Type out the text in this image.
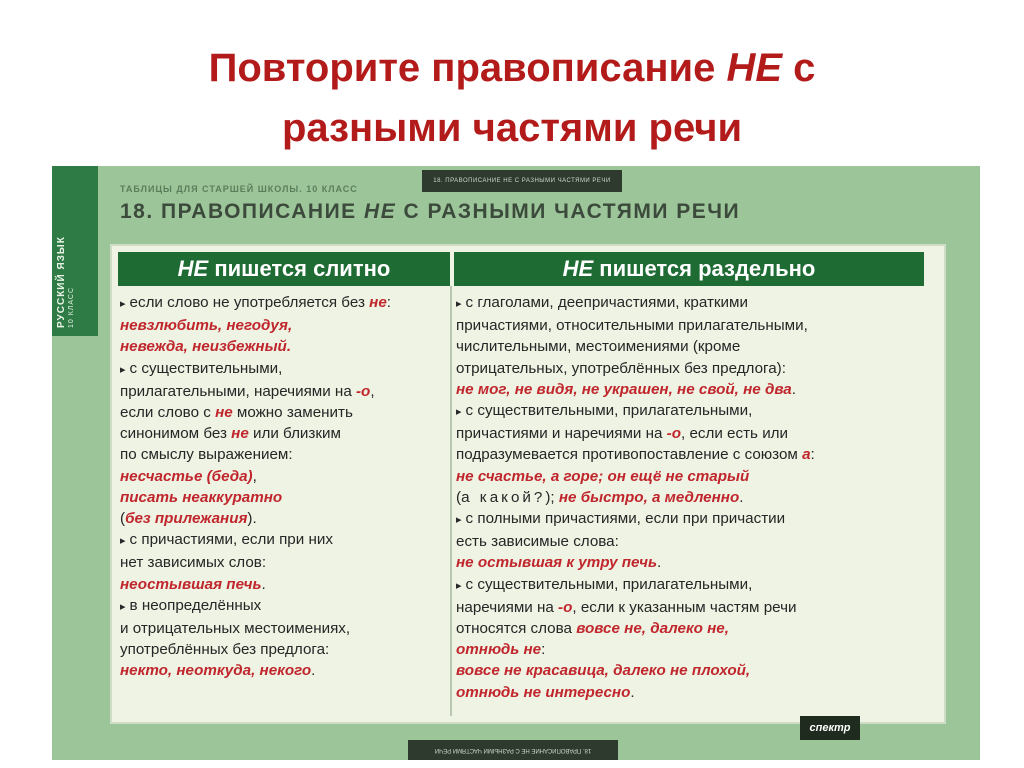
Повторите правописание НЕ с
разными частями речи
РУССКИЙ ЯЗЫК 10 КЛАСС
ТАБЛИЦЫ ДЛЯ СТАРШЕЙ ШКОЛЫ. 10 КЛАСС
18. ПРАВОПИСАНИЕ НЕ С РАЗНЫМИ ЧАСТЯМИ РЕЧИ
18. ПРАВОПИСАНИЕ НЕ С РАЗНЫМИ ЧАСТЯМИ РЕЧИ
НЕ пишется слитно	НЕ пишется раздельно
▸ если слово не употребляется без не:
невзлюбить, негодуя,
невежда, неизбежный.
▸ с существительными,
прилагательными, наречиями на -о,
если слово с не можно заменить
синонимом без не или близким
по смыслу выражением:
несчастье (беда),
писать неаккуратно
(без прилежания).
▸ с причастиями, если при них
нет зависимых слов:
неостывшая печь.
▸ в неопределённых
и отрицательных местоимениях,
употреблённых без предлога:
некто, неоткуда, некого.
▸ с глаголами, деепричастиями, краткими
причастиями, относительными прилагательными,
числительными, местоимениями (кроме
отрицательных, употреблённых без предлога):
не мог, не видя, не украшен, не свой, не два.
▸ с существительными, прилагательными,
причастиями и наречиями на -о, если есть или
подразумевается противопоставление с союзом а:
не счастье, а горе; он ещё не старый
(а какой?); не быстро, а медленно.
▸ с полными причастиями, если при причастии
есть зависимые слова:
не остывшая к утру печь.
▸ с существительными, прилагательными,
наречиями на -о, если к указанным частям речи
относятся слова вовсе не, далеко не,
отнюдь не:
вовсе не красавица, далеко не плохой,
отнюдь не интересно.
спектр
18. ПРАВОПИСАНИЕ НЕ С РАЗНЫМИ ЧАСТЯМИ РЕЧИ
